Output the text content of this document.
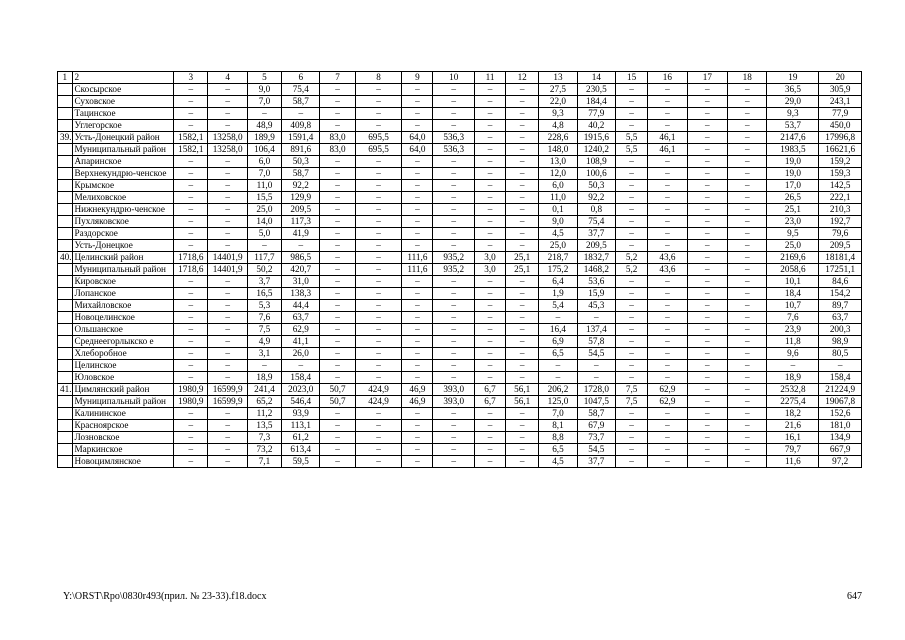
1	2	3	4	5	6	7	8	9	10	11	12	13	14	15	16	17	18	19	20
	Скосырское	–	–	9,0	75,4	–	–	–	–	–	–	27,5	230,5	–	–	–	–	36,5	305,9
	Суховское	–	–	7,0	58,7	–	–	–	–	–	–	22,0	184,4	–	–	–	–	29,0	243,1
	Тацинское	–	–	–	–	–	–	–	–	–	–	9,3	77,9	–	–	–	–	9,3	77,9
	Углегорское	–	–	48,9	409,8	–	–	–	–	–	–	4,8	40,2	–	–	–	–	53,7	450,0
39.	Усть-Донецкий район	1582,1	13258,0	189,9	1591,4	83,0	695,5	64,0	536,3	–	–	228,6	1915,6	5,5	46,1	–	–	2147,6	17996,8
	Муниципальный район	1582,1	13258,0	106,4	891,6	83,0	695,5	64,0	536,3	–	–	148,0	1240,2	5,5	46,1	–	–	1983,5	16621,6
	Апаринское	–	–	6,0	50,3	–	–	–	–	–	–	13,0	108,9	–	–	–	–	19,0	159,2
	Верхнекундрю-ченское	–	–	7,0	58,7	–	–	–	–	–	–	12,0	100,6	–	–	–	–	19,0	159,3
	Крымское	–	–	11,0	92,2	–	–	–	–	–	–	6,0	50,3	–	–	–	–	17,0	142,5
	Мелиховское	–	–	15,5	129,9	–	–	–	–	–	–	11,0	92,2	–	–	–	–	26,5	222,1
	Нижнекундрю-ченское	–	–	25,0	209,5	–	–	–	–	–	–	0,1	0,8	–	–	–	–	25,1	210,3
	Пухляковское	–	–	14,0	117,3	–	–	–	–	–	–	9,0	75,4	–	–	–	–	23,0	192,7
	Раздорское	–	–	5,0	41,9	–	–	–	–	–	–	4,5	37,7	–	–	–	–	9,5	79,6
	Усть-Донецкое	–	–	–	–	–	–	–	–	–	–	25,0	209,5	–	–	–	–	25,0	209,5
40.	Целинский район	1718,6	14401,9	117,7	986,5	–	–	111,6	935,2	3,0	25,1	218,7	1832,7	5,2	43,6	–	–	2169,6	18181,4
	Муниципальный район	1718,6	14401,9	50,2	420,7	–	–	111,6	935,2	3,0	25,1	175,2	1468,2	5,2	43,6	–	–	2058,6	17251,1
	Кировское	–	–	3,7	31,0	–	–	–	–	–	–	6,4	53,6	–	–	–	–	10,1	84,6
	Лопанское	–	–	16,5	138,3	–	–	–	–	–	–	1,9	15,9	–	–	–	–	18,4	154,2
	Михайловское	–	–	5,3	44,4	–	–	–	–	–	–	5,4	45,3	–	–	–	–	10,7	89,7
	Новоцелинское	–	–	7,6	63,7	–	–	–	–	–	–	–	–	–	–	–	–	7,6	63,7
	Ольшанское	–	–	7,5	62,9	–	–	–	–	–	–	16,4	137,4	–	–	–	–	23,9	200,3
	Среднеегорлыкско е	–	–	4,9	41,1	–	–	–	–	–	–	6,9	57,8	–	–	–	–	11,8	98,9
	Хлеборобное	–	–	3,1	26,0	–	–	–	–	–	–	6,5	54,5	–	–	–	–	9,6	80,5
	Целинское	–	–	–	–	–	–	–	–	–	–	–	–	–	–	–	–	–	–
	Юловское	–	–	18,9	158,4	–	–	–	–	–	–	–	–	–	–	–	–	18,9	158,4
41.	Цимлянский район	1980,9	16599,9	241,4	2023,0	50,7	424,9	46,9	393,0	6,7	56,1	206,2	1728,0	7,5	62,9	–	–	2532,8	21224,9
	Муниципальный район	1980,9	16599,9	65,2	546,4	50,7	424,9	46,9	393,0	6,7	56,1	125,0	1047,5	7,5	62,9	–	–	2275,4	19067,8
	Калининское	–	–	11,2	93,9	–	–	–	–	–	–	7,0	58,7	–	–	–	–	18,2	152,6
	Красноярское	–	–	13,5	113,1	–	–	–	–	–	–	8,1	67,9	–	–	–	–	21,6	181,0
	Лозновское	–	–	7,3	61,2	–	–	–	–	–	–	8,8	73,7	–	–	–	–	16,1	134,9
	Маркинское	–	–	73,2	613,4	–	–	–	–	–	–	6,5	54,5	–	–	–	–	79,7	667,9
	Новоцимлянское	–	–	7,1	59,5	–	–	–	–	–	–	4,5	37,7	–	–	–	–	11,6	97,2
Y:\ORST\Rpo\0830r493(прил. № 23-33).f18.docx	647
